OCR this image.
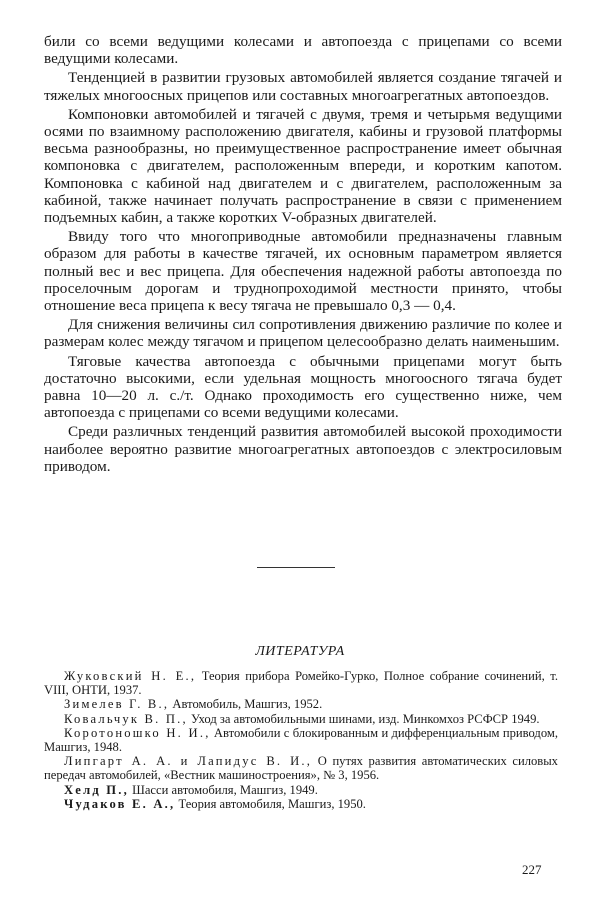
били со всеми ведущими колесами и автопоезда с прицепами со всеми ведущими колесами.

Тенденцией в развитии грузовых автомобилей является создание тягачей и тяжелых многоосных прицепов или составных многоагрегатных автопоездов.

Компоновки автомобилей и тягачей с двумя, тремя и четырьмя ведущими осями по взаимному расположению двигателя, кабины и грузовой платформы весьма разнообразны, но преимущественное распространение имеет обычная компоновка с двигателем, расположенным впереди, и коротким капотом. Компоновка с кабиной над двигателем и с двигателем, расположенным за кабиной, также начинает получать распространение в связи с применением подъемных кабин, а также коротких V-образных двигателей.

Ввиду того что многоприводные автомобили предназначены главным образом для работы в качестве тягачей, их основным параметром является полный вес и вес прицепа. Для обеспечения надежной работы автопоезда по проселочным дорогам и труднопроходимой местности принято, чтобы отношение веса прицепа к весу тягача не превышало 0,3 — 0,4.

Для снижения величины сил сопротивления движению различие по колее и размерам колес между тягачом и прицепом целесообразно делать наименьшим.

Тяговые качества автопоезда с обычными прицепами могут быть достаточно высокими, если удельная мощность многоосного тягача будет равна 10—20 л. с./т. Однако проходимость его существенно ниже, чем автопоезда с прицепами со всеми ведущими колесами.

Среди различных тенденций развития автомобилей высокой проходимости наиболее вероятно развитие многоагрегатных автопоездов с электросиловым приводом.

ЛИТЕРАТУРА

Жуковский Н. Е., Теория прибора Ромейко-Гурко, Полное собрание сочинений, т. VIII, ОНТИ, 1937.

Зимелев Г. В., Автомобиль, Машгиз, 1952.

Ковальчук В. П., Уход за автомобильными шинами, изд. Минкомхоз РСФСР 1949.

Коротоношко Н. И., Автомобили с блокированным и дифференциальным приводом, Машгиз, 1948.

Липгарт А. А. и Лапидус В. И., О путях развития автоматических силовых передач автомобилей, «Вестник машиностроения», № 3, 1956.

Хелд П., Шасси автомобиля, Машгиз, 1949.

Чудаков Е. А., Теория автомобиля, Машгиз, 1950.

227
